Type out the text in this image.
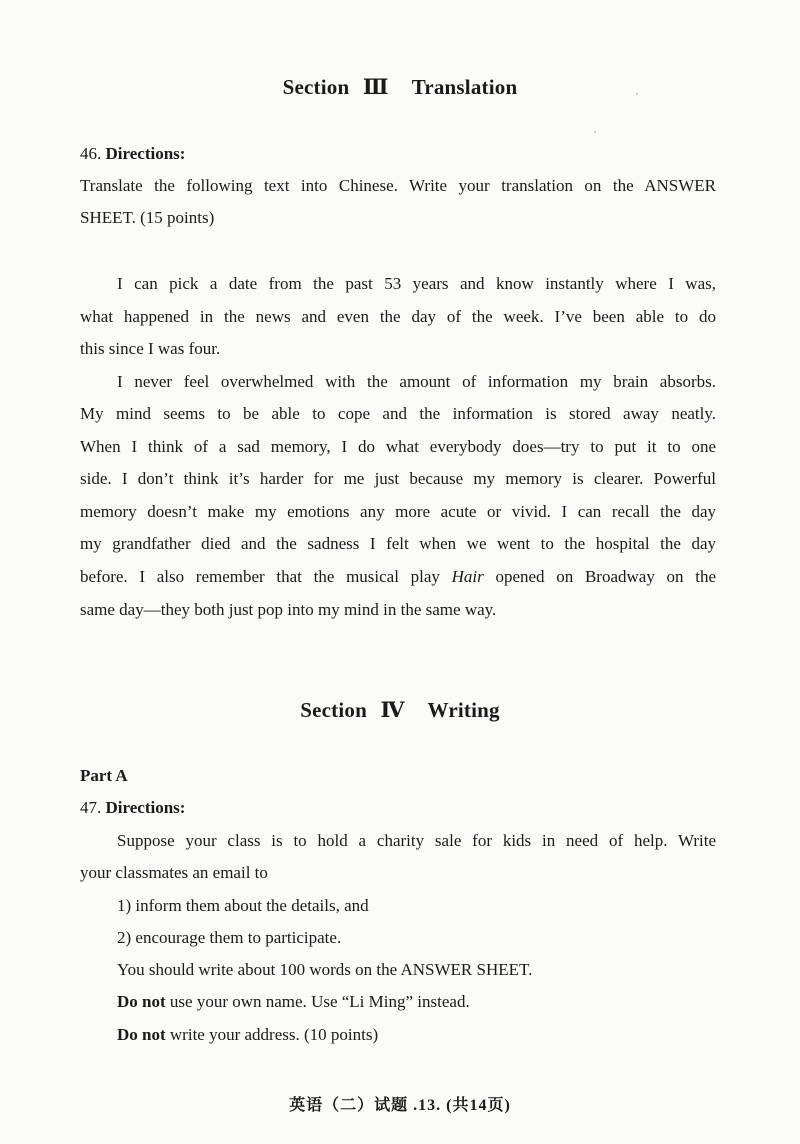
Section Ⅲ Translation
46. Directions:
Translate the following text into Chinese. Write your translation on the ANSWER
SHEET. (15 points)
I can pick a date from the past 53 years and know instantly where I was,
what happened in the news and even the day of the week. I’ve been able to do
this since I was four.
I never feel overwhelmed with the amount of information my brain absorbs.
My mind seems to be able to cope and the information is stored away neatly.
When I think of a sad memory, I do what everybody does—try to put it to one
side. I don’t think it’s harder for me just because my memory is clearer. Powerful
memory doesn’t make my emotions any more acute or vivid. I can recall the day
my grandfather died and the sadness I felt when we went to the hospital the day
before. I also remember that the musical play Hair opened on Broadway on the
same day—they both just pop into my mind in the same way.
Section Ⅳ Writing
Part A
47. Directions:
Suppose your class is to hold a charity sale for kids in need of help. Write
your classmates an email to
1) inform them about the details, and
2) encourage them to participate.
You should write about 100 words on the ANSWER SHEET.
Do not use your own name. Use “Li Ming” instead.
Do not write your address. (10 points)
英语（二）试题 .13. (共14页)
